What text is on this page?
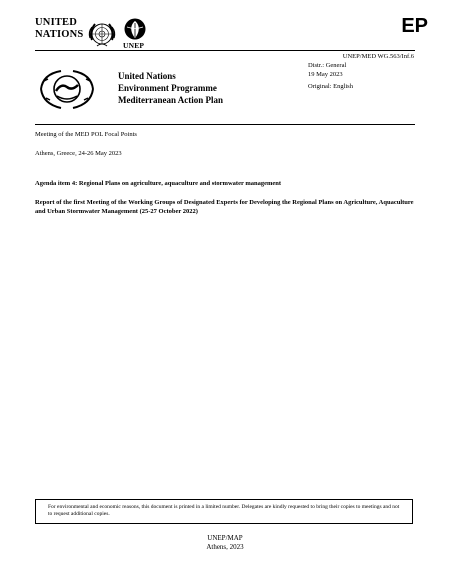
UNITED
NATIONS
UNEP
EP
UNEP/MED WG.563/Inf.6
United Nations
Environment Programme
Mediterranean Action Plan
Distr.: General
19 May 2023
Original: English
Meeting of the MED POL Focal Points
Athens, Greece, 24-26 May 2023
Agenda item 4: Regional Plans on agriculture, aquaculture and stormwater management
Report of the first Meeting of the Working Groups of Designated Experts for Developing the Regional Plans on Agriculture, Aquaculture and Urban Stormwater Management (25-27 October 2022)
For environmental and economic reasons, this document is printed in a limited number. Delegates are kindly requested to bring their copies to meetings and not to request additional copies.
UNEP/MAP
Athens, 2023
